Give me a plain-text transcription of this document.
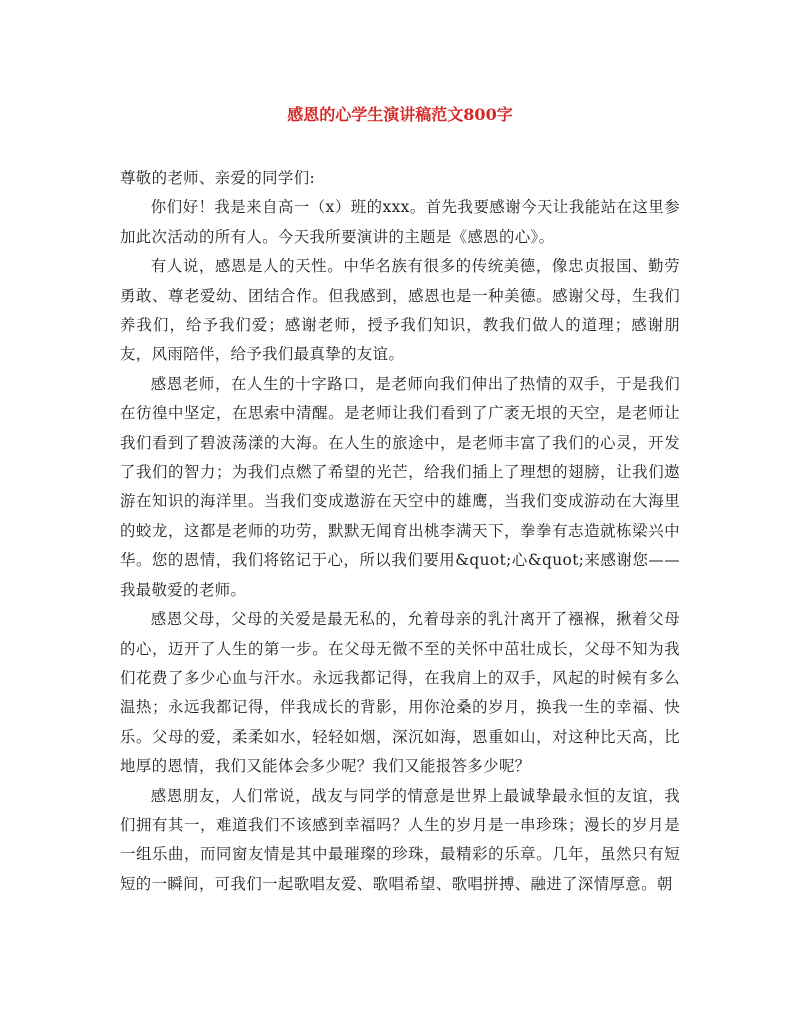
感恩的心学生演讲稿范文800字

尊敬的老师、亲爱的同学们:

你们好！我是来自高一（x）班的xxx。首先我要感谢今天让我能站在这里参加此次活动的所有人。今天我所要演讲的主题是《感恩的心》。

有人说，感恩是人的天性。中华名族有很多的传统美德，像忠贞报国、勤劳勇敢、尊老爱幼、团结合作。但我感到，感恩也是一种美德。感谢父母，生我们养我们，给予我们爱；感谢老师，授予我们知识，教我们做人的道理；感谢朋友，风雨陪伴，给予我们最真挚的友谊。

感恩老师，在人生的十字路口，是老师向我们伸出了热情的双手，于是我们在彷徨中坚定，在思索中清醒。是老师让我们看到了广袤无垠的天空，是老师让我们看到了碧波荡漾的大海。在人生的旅途中，是老师丰富了我们的心灵，开发了我们的智力；为我们点燃了希望的光芒，给我们插上了理想的翅膀，让我们遨游在知识的海洋里。当我们变成遨游在天空中的雄鹰，当我们变成游动在大海里的蛟龙，这都是老师的功劳，默默无闻育出桃李满天下，拳拳有志造就栋梁兴中华。您的恩情，我们将铭记于心，所以我们要用&quot;心&quot;来感谢您——我最敬爱的老师。

感恩父母，父母的关爱是最无私的，允着母亲的乳汁离开了襁褓，揪着父母的心，迈开了人生的第一步。在父母无微不至的关怀中茁壮成长，父母不知为我们花费了多少心血与汗水。永远我都记得，在我肩上的双手，风起的时候有多么温热；永远我都记得，伴我成长的背影，用你沧桑的岁月，换我一生的幸福、快乐。父母的爱，柔柔如水，轻轻如烟，深沉如海，恩重如山，对这种比天高，比地厚的恩情，我们又能体会多少呢？我们又能报答多少呢？

感恩朋友，人们常说，战友与同学的情意是世界上最诚挚最永恒的友谊，我们拥有其一，难道我们不该感到幸福吗？人生的岁月是一串珍珠；漫长的岁月是一组乐曲，而同窗友情是其中最璀璨的珍珠，最精彩的乐章。几年，虽然只有短短的一瞬间，可我们一起歌唱友爱、歌唱希望、歌唱拼搏、融进了深情厚意。朝
